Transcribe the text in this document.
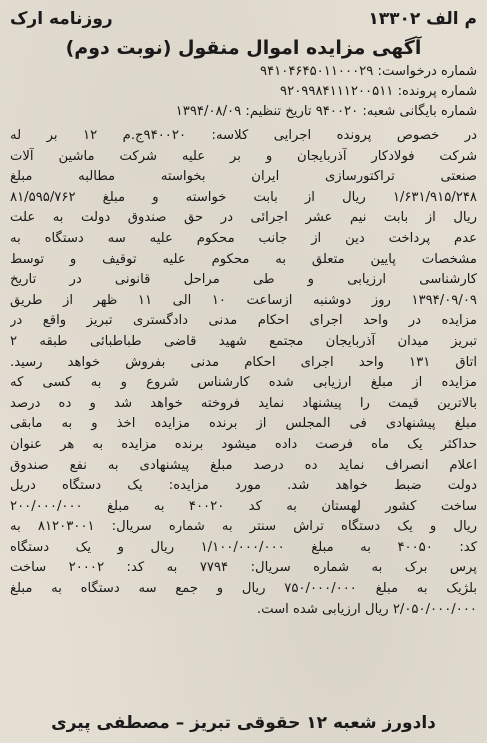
م الف ۱۳۳۰۲
روزنامه ارک
آگهی مزایده اموال منقول (نوبت دوم)
شماره درخواست: ۹۴۱۰۴۶۴۵۰۱۱۰۰۰۲۹
شماره پرونده: ۹۲۰۹۹۸۴۱۱۱۲۰۰۵۱۱
شماره بایگانی شعبه: ۹۴۰۰۲۰ تاریخ تنظیم: ۱۳۹۴/۰۸/۰۹

در خصوص پرونده اجرایی کلاسه: ۹۴۰۰۲۰ج.م ۱۲ بر له

شرکت فولادکار آذربایجان و بر علیه شرکت ماشین آلات

صنعتی تراکتورسازی ایران بخواسته مطالبه مبلغ

۱/۶۳۱/۹۱۵/۲۴۸ ریال از بابت خواسته و مبلغ ۸۱/۵۹۵/۷۶۲

ریال از بابت نیم عشر اجرائی در حق صندوق دولت به علت

عدم پرداخت دین از جانب محکوم علیه سه دستگاه به

مشخصات پایین متعلق به محکوم علیه توقیف و توسط

کارشناسی ارزیابی و طی مراحل قانونی در تاریخ

۱۳۹۴/۰۹/۰۹ روز دوشنبه ازساعت ۱۰ الی ۱۱ ظهر از طریق

مزایده در واحد اجرای احکام مدنی دادگستری تبریز واقع در

تبریز میدان آذربایجان مجتمع شهید قاضی طباطبائی طبقه ۲

اتاق ۱۳۱ واحد اجرای احکام مدنی بفروش خواهد رسید.

مزایده از مبلغ ارزیابی شده کارشناس شروع و به کسی که

بالاترین قیمت را پیشنهاد نماید فروخته خواهد شد و ده درصد

مبلغ پیشنهادی فی المجلس از برنده مزایده اخذ و به مابقی

حداکثر یک ماه فرصت داده میشود برنده مزایده به هر عنوان

اعلام انصراف نماید ده درصد مبلغ پیشنهادی به نفع صندوق

دولت ضبط خواهد شد. مورد مزایده: یک دستگاه دریل

ساخت کشور لهستان به کد ۴۰۰۲۰ به مبلغ ۲۰۰/۰۰۰/۰۰۰

ریال و یک دستگاه تراش سنتر به شماره سریال: ۸۱۲۰۳۰۰۱ به

کد: ۴۰۰۵۰ به مبلغ ۱/۱۰۰/۰۰۰/۰۰۰ ریال و یک دستگاه

پرس برک به شماره سریال: ۷۷۹۴ به کد: ۲۰۰۰۲ ساخت

بلژیک به مبلغ ۷۵۰/۰۰۰/۰۰۰ ریال و جمع سه دستگاه به مبلغ

۲/۰۵۰/۰۰۰/۰۰۰ ریال ارزیابی شده است.

دادورز شعبه ۱۲ حقوقی تبریز – مصطفی پیری
